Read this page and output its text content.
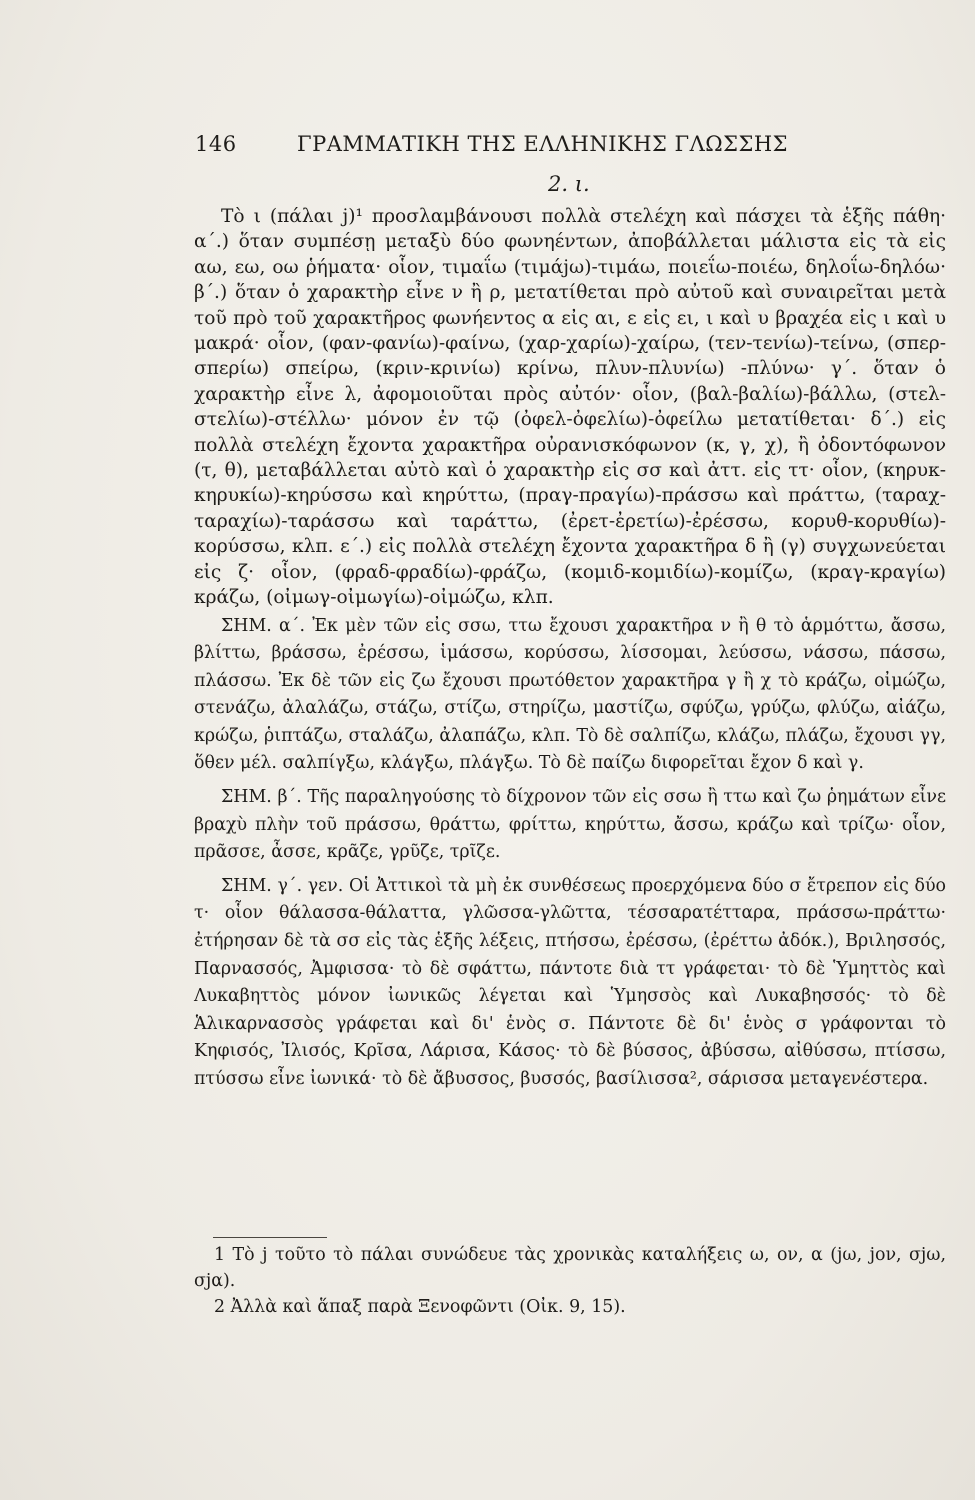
146	ΓΡΑΜΜΑΤΙΚΗ ΤΗΣ ΕΛΛΗΝΙΚΗΣ ΓΛΩΣΣΗΣ
2. ι.

Τὸ ι (πάλαι j)¹ προσλαμβάνουσι πολλὰ στελέχη καὶ πάσχει τὰ ἑξῆς πάθη· α΄.) ὅταν συμπέσῃ μεταξὺ δύο φωνηέντων, ἀποβάλλεται μάλιστα εἰς τὰ εἰς αω, εω, οω ῥήματα· οἷον, τιμαΐω (τιμάjω)-τιμάω, ποιεΐω-ποιέω, δηλοΐω-δηλόω· β΄.) ὅταν ὁ χαρακτὴρ εἶνε ν ἢ ρ, μετατίθεται πρὸ αὐτοῦ καὶ συναιρεῖται μετὰ τοῦ πρὸ τοῦ χαρακτῆρος φωνήεντος α εἰς αι, ε εἰς ει, ι καὶ υ βραχέα εἰς ι καὶ υ μακρά· οἷον, (φαν-φανίω)-φαίνω, (χαρ-χαρίω)-χαίρω, (τεν-τενίω)-τείνω, (σπερ-σπερίω) σπείρω, (κριν-κρινίω) κρίνω, πλυν-πλυνίω) -πλύνω· γ΄. ὅταν ὁ χαρακτὴρ εἶνε λ, ἀφομοιοῦται πρὸς αὐτόν· οἷον, (βαλ-βαλίω)-βάλλω, (στελ-στελίω)-στέλλω· μόνον ἐν τῷ (ὀφελ-ὀφελίω)-ὀφείλω μετατίθεται· δ΄.) εἰς πολλὰ στελέχη ἔχοντα χαρακτῆρα οὐρανισκόφωνον (κ, γ, χ), ἢ ὀδοντόφωνον (τ, θ), μεταβάλλεται αὐτὸ καὶ ὁ χαρακτὴρ εἰς σσ καὶ ἀττ. εἰς ττ· οἷον, (κηρυκ-κηρυκίω)-κηρύσσω καὶ κηρύττω, (πραγ-πραγίω)-πράσσω καὶ πράττω, (ταραχ-ταραχίω)-ταράσσω καὶ ταράττω, (ἐρετ-ἐρετίω)-ἐρέσσω, κορυθ-κορυθίω)-κορύσσω, κλπ. ε΄.) εἰς πολλὰ στελέχη ἔχοντα χαρακτῆρα δ ἢ (γ) συγχωνεύεται εἰς ζ· οἷον, (φραδ-φραδίω)-φράζω, (κομιδ-κομιδίω)-κομίζω, (κραγ-κραγίω) κράζω, (οἰμωγ-οἰμωγίω)-οἰμώζω, κλπ.

ΣΗΜ. α΄. Ἐκ μὲν τῶν εἰς σσω, ττω ἔχουσι χαρακτῆρα ν ἢ θ τὸ ἁρμόττω, ἄσσω, βλίττω, βράσσω, ἐρέσσω, ἱμάσσω, κορύσσω, λίσσομαι, λεύσσω, νάσσω, πάσσω, πλάσσω. Ἐκ δὲ τῶν εἰς ζω ἔχουσι πρωτόθετον χαρακτῆρα γ ἢ χ τὸ κράζω, οἰμώζω, στενάζω, ἀλαλάζω, στάζω, στίζω, στηρίζω, μαστίζω, σφύζω, γρύζω, φλύζω, αἰάζω, κρώζω, ῥιπτάζω, σταλάζω, ἀλαπάζω, κλπ. Τὸ δὲ σαλπίζω, κλάζω, πλάζω, ἔχουσι γγ, ὅθεν μέλ. σαλπίγξω, κλάγξω, πλάγξω. Τὸ δὲ παίζω διφορεῖται ἔχον δ καὶ γ.

ΣΗΜ. β΄. Τῆς παραληγούσης τὸ δίχρονον τῶν εἰς σσω ἢ ττω καὶ ζω ῥημάτων εἶνε βραχὺ πλὴν τοῦ πράσσω, θράττω, φρίττω, κηρύττω, ἄσσω, κράζω καὶ τρίζω· οἷον, πρᾶσσε, ἆσσε, κρᾶζε, γρῦζε, τρῖζε.

ΣΗΜ. γ΄. γεν. Οἱ Ἀττικοὶ τὰ μὴ ἐκ συνθέσεως προερχόμενα δύο σ ἔτρεπον εἰς δύο τ· οἷον θάλασσα-θάλαττα, γλῶσσα-γλῶττα, τέσσαρατέτταρα, πράσσω-πράττω· ἐτήρησαν δὲ τὰ σσ εἰς τὰς ἑξῆς λέξεις, πτήσσω, ἐρέσσω, (ἐρέττω ἀδόκ.), Βριλησσός, Παρνασσός, Ἀμφισσα· τὸ δὲ σφάττω, πάντοτε διὰ ττ γράφεται· τὸ δὲ Ὑμηττὸς καὶ Λυκαβηττὸς μόνον ἰωνικῶς λέγεται καὶ Ὑμησσὸς καὶ Λυκαβησσός· τὸ δὲ Ἁλικαρνασσὸς γράφεται καὶ δι' ἑνὸς σ. Πάντοτε δὲ δι' ἑνὸς σ γράφονται τὸ Κηφισός, Ἰλισός, Κρῖσα, Λάρισα, Κάσος· τὸ δὲ βύσσος, ἀβύσσω, αἰθύσσω, πτίσσω, πτύσσω εἶνε ἰωνικά· τὸ δὲ ἄβυσσος, βυσσός, βασίλισσα², σάρισσα μεταγενέστερα.

1 Τὸ j τοῦτο τὸ πάλαι συνώδευε τὰς χρονικὰς καταλήξεις ω, ον, α (jω, jον, σjω, σjα).

2 Ἀλλὰ καὶ ἅπαξ παρὰ Ξενοφῶντι (Οἰκ. 9, 15).
